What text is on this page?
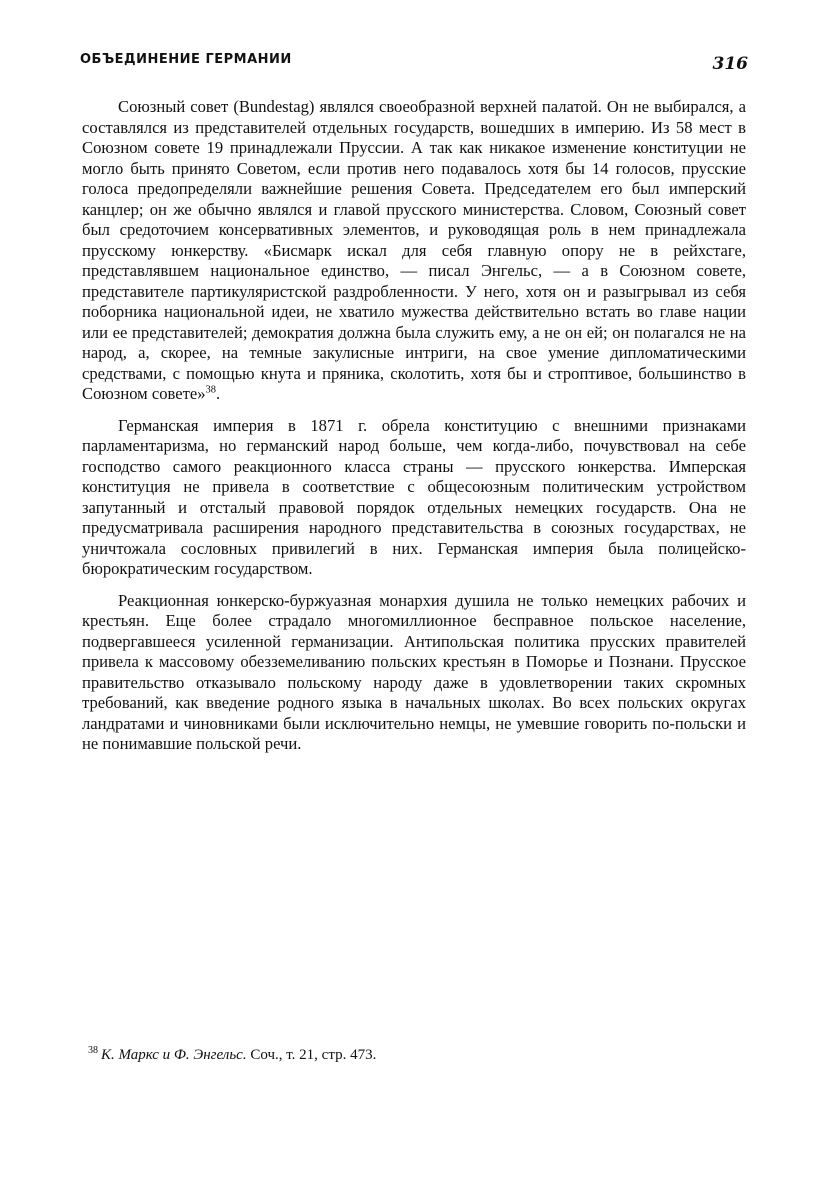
ОБЪЕДИНЕНИЕ ГЕРМАНИИ	316

Союзный совет (Bundestag) являлся своеобразной верхней палатой. Он не выбирался, а составлялся из представителей отдельных государств, вошедших в империю. Из 58 мест в Союзном совете 19 принадлежали Пруссии. А так как никакое изменение конституции не могло быть принято Советом, если против него подавалось хотя бы 14 голосов, прусские голоса предопределяли важнейшие решения Совета. Председателем его был имперский канцлер; он же обычно являлся и главой прусского министерства. Словом, Союзный совет был средоточием консервативных элементов, и руководящая роль в нем принадлежала прусскому юнкерству. «Бисмарк искал для себя главную опору не в рейхстаге, представлявшем национальное единство, — писал Энгельс, — а в Союзном совете, представителе партикуляристской раздробленности. У него, хотя он и разыгрывал из себя поборника национальной идеи, не хватило мужества действительно встать во главе нации или ее представителей; демократия должна была служить ему, а не он ей; он полагался не на народ, а, скорее, на темные закулисные интриги, на свое умение дипломатическими средствами, с помощью кнута и пряника, сколотить, хотя бы и строптивое, большинство в Союзном совете»$^{38}$.

Германская империя в 1871 г. обрела конституцию с внешними признаками парламентаризма, но германский народ больше, чем когда-либо, почувствовал на себе господство самого реакционного класса страны — прусского юнкерства. Имперская конституция не привела в соответствие с общесоюзным политическим устройством запутанный и отсталый правовой порядок отдельных немецких государств. Она не предусматривала расширения народного представительства в союзных государствах, не уничтожала сословных привилегий в них. Германская империя была полицейско-бюрократическим государством.

Реакционная юнкерско-буржуазная монархия душила не только немецких рабочих и крестьян. Еще более страдало многомиллионное бесправное польское население, подвергавшееся усиленной германизации. Антипольская политика прусских правителей привела к массовому обезземеливанию польских крестьян в Поморье и Познани. Прусское правительство отказывало польскому народу даже в удовлетворении таких скромных требований, как введение родного языка в начальных школах. Во всех польских округах ландратами и чиновниками были исключительно немцы, не умевшие говорить по-польски и не понимавшие польской речи.

$^{38}$ К. Маркс и Ф. Энгельс. Соч., т. 21, стр. 473.
